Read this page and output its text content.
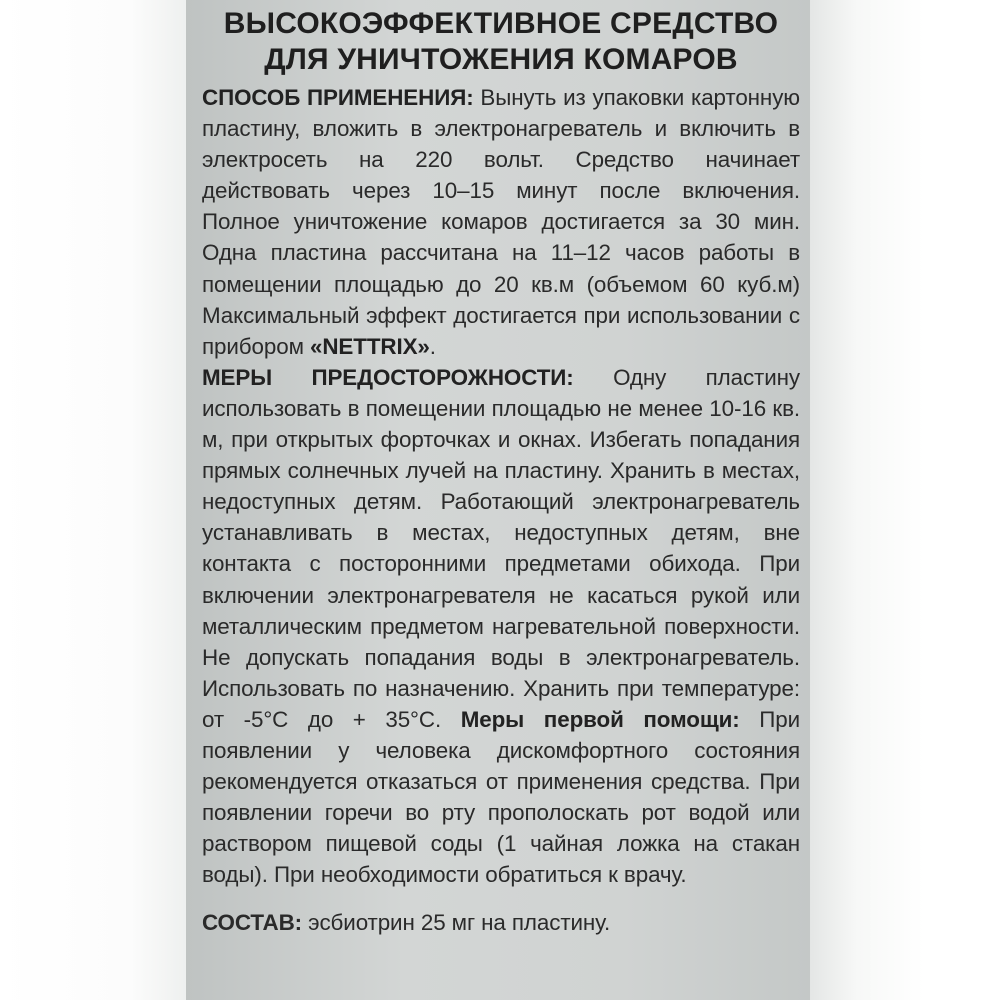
ВЫСОКОЭФФЕКТИВНОЕ СРЕДСТВО
ДЛЯ УНИЧТОЖЕНИЯ КОМАРОВ

СПОСОБ ПРИМЕНЕНИЯ: Вынуть из упаковки картонную пластину, вложить в электронагреватель и включить в электросеть на 220 вольт. Средство начинает действовать через 10–15 минут после включения. Полное уничтожение комаров достигается за 30 мин. Одна пластина рассчитана на 11–12 часов работы в помещении площадью до 20 кв.м (объемом 60 куб.м) Максимальный эффект достигается при использовании с прибором «NETTRIX».

МЕРЫ ПРЕДОСТОРОЖНОСТИ: Одну пластину использовать в помещении площадью не менее 10-16 кв. м, при открытых форточках и окнах. Избегать попадания прямых солнечных лучей на пластину. Хранить в местах, недоступных детям. Работающий электронагреватель устанавливать в местах, недоступных детям, вне контакта с посторонними предметами обихода. При включении электронагревателя не касаться рукой или металлическим предметом нагревательной поверхности. Не допускать попадания воды в электронагреватель. Использовать по назначению. Хранить при температуре: от -5°C до + 35°C. Меры первой помощи: При появлении у человека дискомфортного состояния рекомендуется отказаться от применения средства. При появлении горечи во рту прополоскать рот водой или раствором пищевой соды (1 чайная ложка на стакан воды). При необходимости обратиться к врачу.

СОСТАВ: эсбиотрин 25 мг на пластину.
